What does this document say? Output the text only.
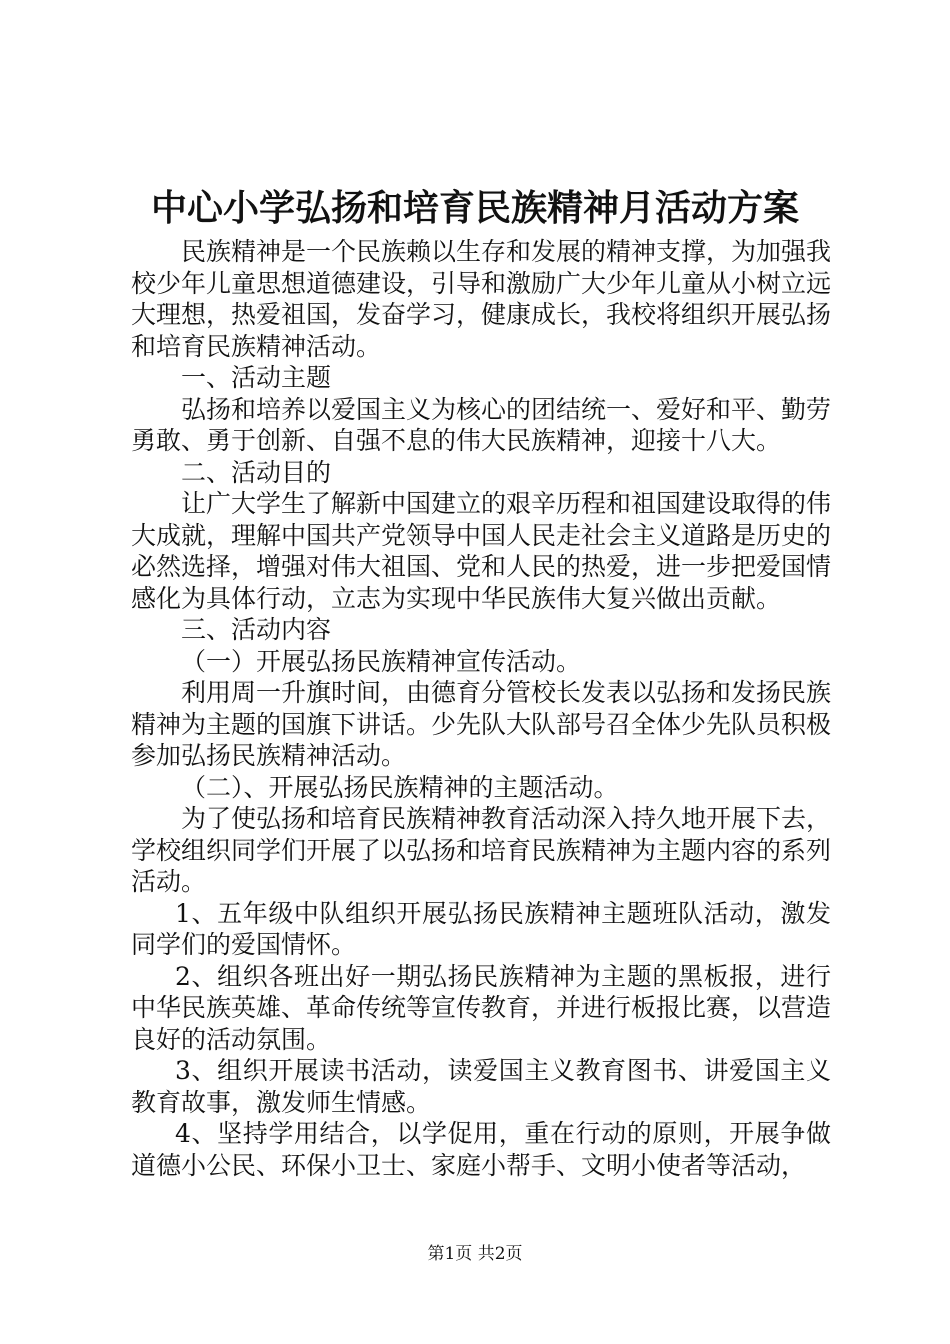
中心小学弘扬和培育民族精神月活动方案

民族精神是一个民族赖以生存和发展的精神支撑，为加强我校少年儿童思想道德建设，引导和激励广大少年儿童从小树立远大理想，热爱祖国，发奋学习，健康成长，我校将组织开展弘扬和培育民族精神活动。

一、活动主题

弘扬和培养以爱国主义为核心的团结统一、爱好和平、勤劳勇敢、勇于创新、自强不息的伟大民族精神，迎接十八大。

二、活动目的

让广大学生了解新中国建立的艰辛历程和祖国建设取得的伟大成就，理解中国共产党领导中国人民走社会主义道路是历史的必然选择，增强对伟大祖国、党和人民的热爱，进一步把爱国情感化为具体行动，立志为实现中华民族伟大复兴做出贡献。

三、活动内容

（一）开展弘扬民族精神宣传活动。

利用周一升旗时间，由德育分管校长发表以弘扬和发扬民族精神为主题的国旗下讲话。少先队大队部号召全体少先队员积极参加弘扬民族精神活动。

（二）、开展弘扬民族精神的主题活动。

为了使弘扬和培育民族精神教育活动深入持久地开展下去，学校组织同学们开展了以弘扬和培育民族精神为主题内容的系列活动。

1、五年级中队组织开展弘扬民族精神主题班队活动，激发同学们的爱国情怀。

2、组织各班出好一期弘扬民族精神为主题的黑板报，进行中华民族英雄、革命传统等宣传教育，并进行板报比赛，以营造良好的活动氛围。

3、组织开展读书活动，读爱国主义教育图书、讲爱国主义教育故事，激发师生情感。

4、坚持学用结合，以学促用，重在行动的原则，开展争做道德小公民、环保小卫士、家庭小帮手、文明小使者等活动，

第1页 共2页
